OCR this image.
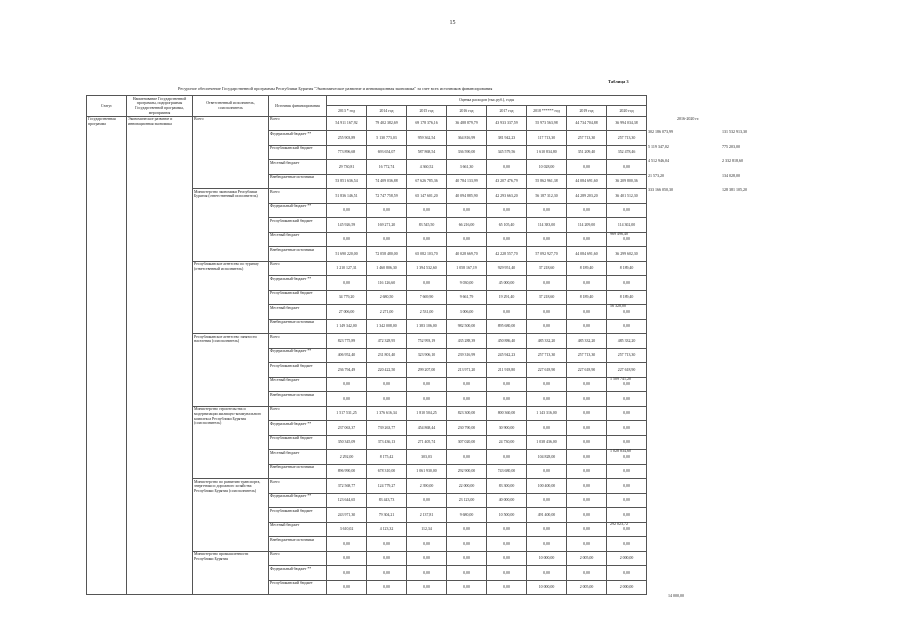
15
Таблица 3
Ресурсное обеспечение Государственной программы Республики Бурятия "Экономическое развитие и инновационная экономика" за счет всех источников финансирования
2016-2020 гг.
Статус	Наименование Государственной программы, подпрограммы Государственной программы, мероприятия	Ответственный исполнитель, соисполнитель	Источник финансирования	Оценка расходов (тыс.руб.), годы							
				2013 * год	2014 год	2015 год	2016 год	2017 год	2018 ****** год	2019 год	2020 год
Государственная программа	Экономическое развитие и инновационная экономика	Всего	Всего	54 911 167,92	79 402 382,69	69 178 376,16	36 488 879,79	43 933 337,59	55 973 563,98	44 734 704,88	36 994 034,38
			Федеральный бюджет **	255 903,89	5 130 773,03	959 362,54	364 816,99	381 942,23	117 713,30	257 713,30	257 713,30
			Республиканский бюджет	773 896,68	693 654,07	587 868,54	336 590,00	345 579,56	1 610 834,80	351 209,40	352 478,46
			Местный бюджет	29 730,81	16 772,74	4 360,52	3 661,30	0,00	10 028,00	0,00	0,00
			Внебюджетные источники	53 851 636,54	74 409 036,88	67 626 785,36	40 784 133,99	43 207 476,79	55 862 961,38	44 084 691,60	36 209 800,36
		Министерство экономики Республики Бурятия (ответственный исполнитель)	Всего	51 836 146,51	72 747 758,59	65 147 601,20	40 094 885,90	42 293 663,20	56 187 312,30	44 289 203,20	36 401 512,30
			Федеральный бюджет **	0,00	0,00	0,00	0,00	0,00	0,00	0,00	0,00
			Республиканский бюджет	145 926,59	169 271,20	83 545,50	66 216,00	65 105,40	114 383,00	114 209,00	114 302,00
			Местный бюджет	0,00	0,00	0,00	0,00	0,00	0,00	0,00	0,00
			Внебюджетные источники	51 690 220,00	72 058 480,00	65 082 103,70	40 028 669,70	42 228 557,70	57 092 927,70	44 084 691,60	36 299 602,30
		Республиканское агентство по туризму (ответственный исполнитель)	Всего	1 210 127,31	1 460 806,30	1 394 532,60	1 058 167,19	929 951,40	37 218,60	8 189,40	8 189,40
			Федеральный бюджет **	0,00	116 126,60	0,00	9 030,00	45 000,00	0,00	0,00	0,00
			Республиканский бюджет	34 779,20	2 680,50	7 669,90	9 661,79	19 291,40	37 218,60	8 189,40	8 189,40
			Местный бюджет	27 006,00	2 271,00	2 531,00	3 006,00	0,00	0,00	0,00	0,00
			Внебюджетные источники	1 149 342,00	1 342 008,00	1 383 106,00	982 500,00	895 680,00	0,00	0,00	0,00
		Республиканское агентство занятости населения (соисполнитель)	Всего	823 775,89	472 328,95	752 993,19	435 288,39	450 886,40	485 332,20	485 332,20	485 332,20
			Федеральный бюджет **	406 952,40	231 801,40	323 906,10	239 316,99	245 942,23	257 713,30	257 713,30	257 713,30
			Республиканский бюджет	236 794,49	220 422,50	299 207,00	213 971,20	211 918,80	227 618,90	227 618,90	227 618,90
			Местный бюджет	0,00	0,00	0,00	0,00	0,00	0,00	0,00	0,00
			Внебюджетные источники	0,00	0,00	0,00	0,00	0,00	0,00	0,00	0,00
		Министерство строительства и модернизации жилищно-коммунального комплекса Республики Бурятия (соисполнитель)	Всего	1 517 531,25	1 376 616,34	1 810 504,25	823 300,00	800 360,00	1 143 316,00	0,00	0,00
			Федеральный бюджет **	237 063,37	739 263,77	454 868,44	230 790,00	30 900,00	0,00	0,00	0,00
			Республиканский бюджет	350 345,09	373 436,13	271 405,74	307 020,00	24 730,00	1 038 436,00	0,00	0,00
			Местный бюджет	2 292,00	8 175,42	303,03	0,00	0,00	104 828,00	0,00	0,00
			Внебюджетные источники	896 990,00	678 310,00	1 061 930,00	292 900,00	743 680,00	0,00	0,00	0,00
		Министерство по развитию транспорта, энергетики и дорожного хозяйства Республики Бурятия (соисполнитель)	Всего	372 568,77	124 779,27	2 390,00	22 000,00	83 300,00	100 400,00	0,00	0,00
			Федеральный бюджет **	123 644,65	83 443,73	0,00	23 123,00	40 000,00	0,00	0,00	0,00
			Республиканский бюджет	243 971,30	79 304,21	2 137,81	9 680,00	10 500,00	491 400,00	0,00	0,00
			Местный бюджет	3 610,02	4 123,32	112,34	0,00	0,00	0,00	0,00	0,00
			Внебюджетные источники	0,00	0,00	0,00	0,00	0,00	0,00	0,00	0,00
		Министерство промышленности Республики Бурятия	Всего	0,00	0,00	0,00	0,00	0,00	10 000,00	2 005,00	2 000,00
			Федеральный бюджет **	0,00	0,00	0,00	0,00	0,00	0,00	0,00	0,00
			Республиканский бюджет	0,00	0,00	0,00	0,00	0,00	10 000,00	2 005,00	2 000,00
302 186 073,99
5 119 347,02
4 512 946,04
21 573,20
333 166 050,30
131 532 913,30
775 203,00
2 332 818,60
134 028,00
128 381 105,20
969 496,40
56 328,00
1 509 741,20
1 028 834,60
292 023,72
14 000,00
